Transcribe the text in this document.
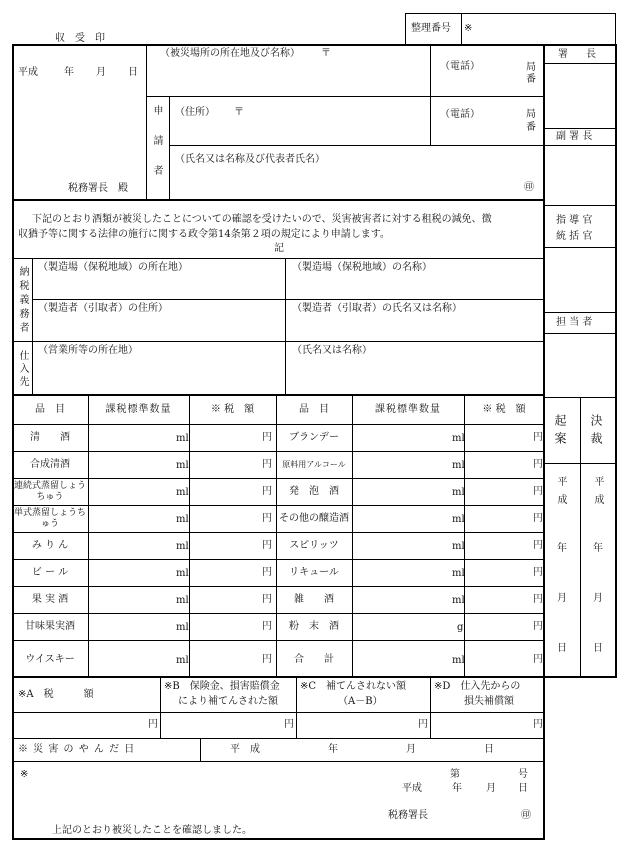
収　受　印
整理番号 ※
平成	年 月 日
税務署長　殿
（被災場所の所在地及び名称） 〒
（電話）	局
番
申請者 （住所） 〒	（電話）	局
番
（氏名又は名称及び代表者氏名）
㊞
署　長
副 署 長
指 導 官
統 括 官
担 当 者
起案 決裁
平成	平成
年	年
月	月
日	日
下記のとおり酒類が被災したことについての確認を受けたいので、災害被害者に対する租税の減免、徴
収猶予等に関する法律の施行に関する政令第14条第２項の規定により申請します。
記
納税義務者 （製造場（保税地域）の所在地）	（製造場（保税地域）の名称）
（製造者（引取者）の住所）	（製造者（引取者）の氏名又は名称）
仕入先 （営業所等の所在地）	（氏名又は名称）
品　目	課税標準数量	※ 税　額	品　目	課税標準数量	※ 税　額
清　　酒	ml	円	ブランデー	ml	円
合成清酒	ml	円	原料用アルコール	ml	円
連続式蒸留しょうちゅう	ml	円	発　泡　酒	ml	円
単式蒸留しょうちゅう	ml	円 その他の醸造酒	ml	円
み り ん	ml	円	スピリッツ	ml	円
ビ ー ル	ml	円	リキュール	ml	円
果 実 酒	ml	円	雑　　酒	ml	円
甘味果実酒	ml	円	粉　末　酒	g	円
ウイスキー	ml	円	合　　計	ml	円
※A　税　　　額
※B　保険金、損害賠償金
により補てんされた額
※C　補てんされない額
（A－B）
※D　仕入先からの
損失補償額
円	円	円	円
※ 災 害 の や ん だ 日	平　成	年	月	日
※	第	号
平成	年 月 日
税務署長	㊞
上記のとおり被災したことを確認しました。
